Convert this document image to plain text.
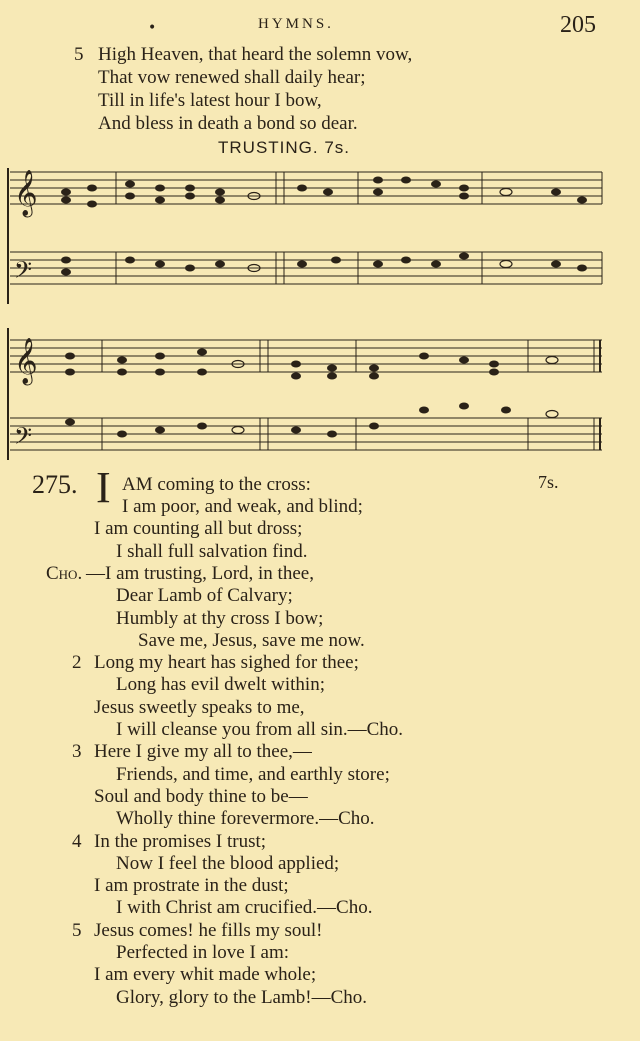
•	HYMNS.	205
5 High Heaven, that heard the solemn vow,
That vow renewed shall daily hear;
Till in life's latest hour I bow,
And bless in death a bond so dear.
TRUSTING. 7s.
𝄞
𝄢
𝄞
𝄢
275. I	7s.
AM coming to the cross:
I am poor, and weak, and blind;
I am counting all but dross;
I shall full salvation find.
Cho. —I am trusting, Lord, in thee,
Dear Lamb of Calvary;
Humbly at thy cross I bow;
Save me, Jesus, save me now.
2 Long my heart has sighed for thee;
Long has evil dwelt within;
Jesus sweetly speaks to me,
I will cleanse you from all sin.—Cho.
3 Here I give my all to thee,—
Friends, and time, and earthly store;
Soul and body thine to be—
Wholly thine forevermore.—Cho.
4 In the promises I trust;
Now I feel the blood applied;
I am prostrate in the dust;
I with Christ am crucified.—Cho.
5 Jesus comes! he fills my soul!
Perfected in love I am:
I am every whit made whole;
Glory, glory to the Lamb!—Cho.
